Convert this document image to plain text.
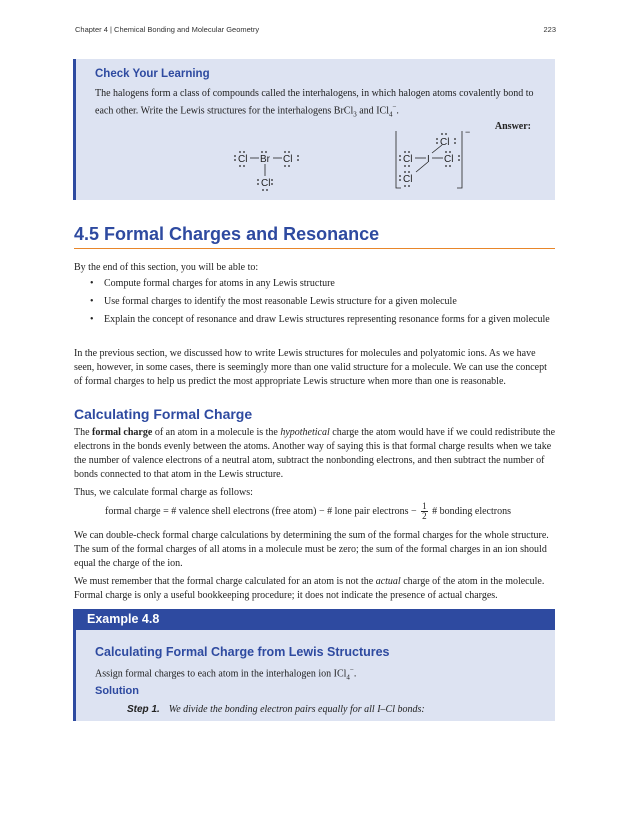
Chapter 4 | Chemical Bonding and Molecular Geometry	223
Check Your Learning

The halogens form a class of compounds called the interhalogens, in which halogen atoms covalently bond to each other. Write the Lewis structures for the interhalogens BrCl$_3$ and ICl$_4$−.

Answer:
Cl Br Cl
Cl
Cl I Cl
Cl
Cl
−
4.5 Formal Charges and Resonance

By the end of this section, you will be able to:

• Compute formal charges for atoms in any Lewis structure
• Use formal charges to identify the most reasonable Lewis structure for a given molecule
• Explain the concept of resonance and draw Lewis structures representing resonance forms for a given molecule

In the previous section, we discussed how to write Lewis structures for molecules and polyatomic ions. As we have seen, however, in some cases, there is seemingly more than one valid structure for a molecule. We can use the concept of formal charges to help us predict the most appropriate Lewis structure when more than one is reasonable.

Calculating Formal Charge

The formal charge of an atom in a molecule is the hypothetical charge the atom would have if we could redistribute the electrons in the bonds evenly between the atoms. Another way of saying this is that formal charge results when we take the number of valence electrons of a neutral atom, subtract the nonbonding electrons, and then subtract the number of bonds connected to that atom in the Lewis structure.

Thus, we calculate formal charge as follows:

formal charge = # valence shell electrons (free atom) − # lone pair electrons − $\frac{1}{2}$ # bonding electrons

We can double-check formal charge calculations by determining the sum of the formal charges for the whole structure. The sum of the formal charges of all atoms in a molecule must be zero; the sum of the formal charges in an ion should equal the charge of the ion.

We must remember that the formal charge calculated for an atom is not the actual charge of the atom in the molecule. Formal charge is only a useful bookkeeping procedure; it does not indicate the presence of actual charges.

Example 4.8
Calculating Formal Charge from Lewis Structures

Assign formal charges to each atom in the interhalogen ion ICl$_4$−.

Solution

Step 1. We divide the bonding electron pairs equally for all I–Cl bonds:
